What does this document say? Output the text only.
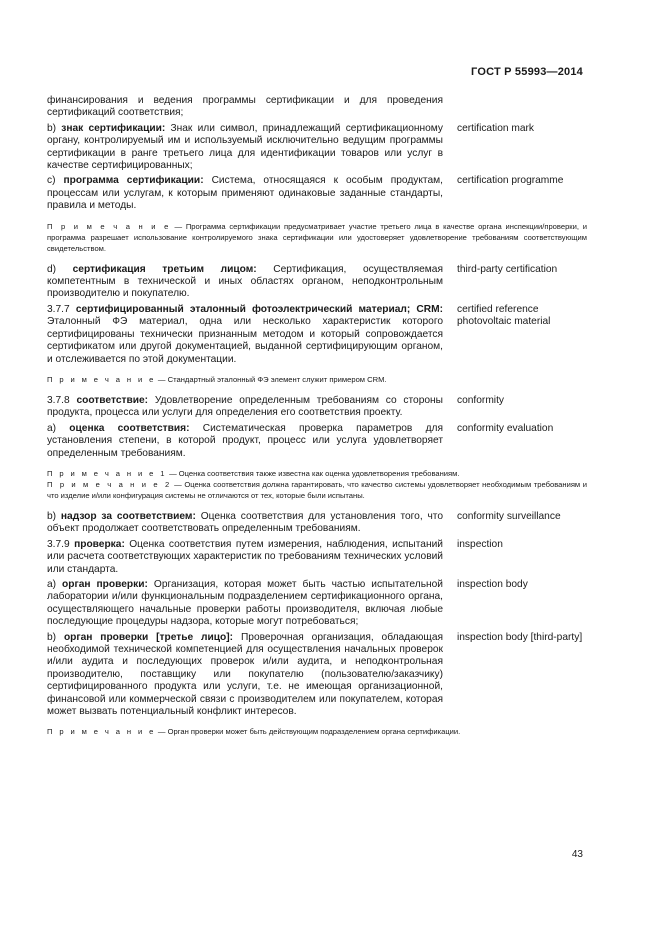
ГОСТ Р 55993—2014
финансирования и ведения программы сертификации и для проведения сертификаций соответствия;
b) знак сертификации: Знак или символ, принадлежащий сертификационному органу, контролируемый им и используемый исключительно ведущим программы сертификации в ранге третьего лица для идентификации товаров или услуг в качестве сертифицированных;
certification mark
c) программа сертификации: Система, относящаяся к особым продуктам, процессам или услугам, к которым применяют одинаковые заданные стандарты, правила и методы.
certification programme
П р и м е ч а н и е — Программа сертификации предусматривает участие третьего лица в качестве органа инспекции/проверки, и программа разрешает использование контролируемого знака сертификации или удостоверяет удовлетворение требованиям соответствующим свидетельством.
d) сертификация третьим лицом: Сертификация, осуществляемая компетентным в технической и иных областях органом, неподконтрольным производителю и покупателю.
third-party certification
3.7.7 сертифицированный эталонный фотоэлектрический материал; CRM: Эталонный ФЭ материал, одна или несколько характеристик которого сертифицированы технически признанным методом и который сопровождается сертификатом или другой документацией, выданной сертифицирующим органом, и отслеживается по этой документации.
certified reference photovoltaic material
П р и м е ч а н и е — Стандартный эталонный ФЭ элемент служит примером CRM.
3.7.8 соответствие: Удовлетворение определенным требованиям со стороны продукта, процесса или услуги для определения его соответствия проекту.
conformity
a) оценка соответствия: Систематическая проверка параметров для установления степени, в которой продукт, процесс или услуга удовлетворяет определенным требованиям.
conformity evaluation
П р и м е ч а н и е 1 — Оценка соответствия также известна как оценка удовлетворения требованиям.
П р и м е ч а н и е 2 — Оценка соответствия должна гарантировать, что качество системы удовлетворяет необходимым требованиям и что изделие и/или конфигурация системы не отличаются от тех, которые были испытаны.
b) надзор за соответствием: Оценка соответствия для установления того, что объект продолжает соответствовать определенным требованиям.
conformity surveillance
3.7.9 проверка: Оценка соответствия путем измерения, наблюдения, испытаний или расчета соответствующих характеристик по требованиям технических условий или стандарта.
inspection
a) орган проверки: Организация, которая может быть частью испытательной лаборатории и/или функциональным подразделением сертификационного органа, осуществляющего начальные проверки работы производителя, включая любые последующие процедуры надзора, которые могут потребоваться;
inspection body
b) орган проверки [третье лицо]: Проверочная организация, обладающая необходимой технической компетенцией для осуществления начальных проверок и/или аудита и последующих проверок и/или аудита, и неподконтрольная производителю, поставщику или покупателю (пользователю/заказчику) сертифицированного продукта или услуги, т.е. не имеющая организационной, финансовой или коммерческой связи с производителем или покупателем, которая может вызвать потенциальный конфликт интересов.
inspection body [third-party]
П р и м е ч а н и е — Орган проверки может быть действующим подразделением органа сертификации.
43
